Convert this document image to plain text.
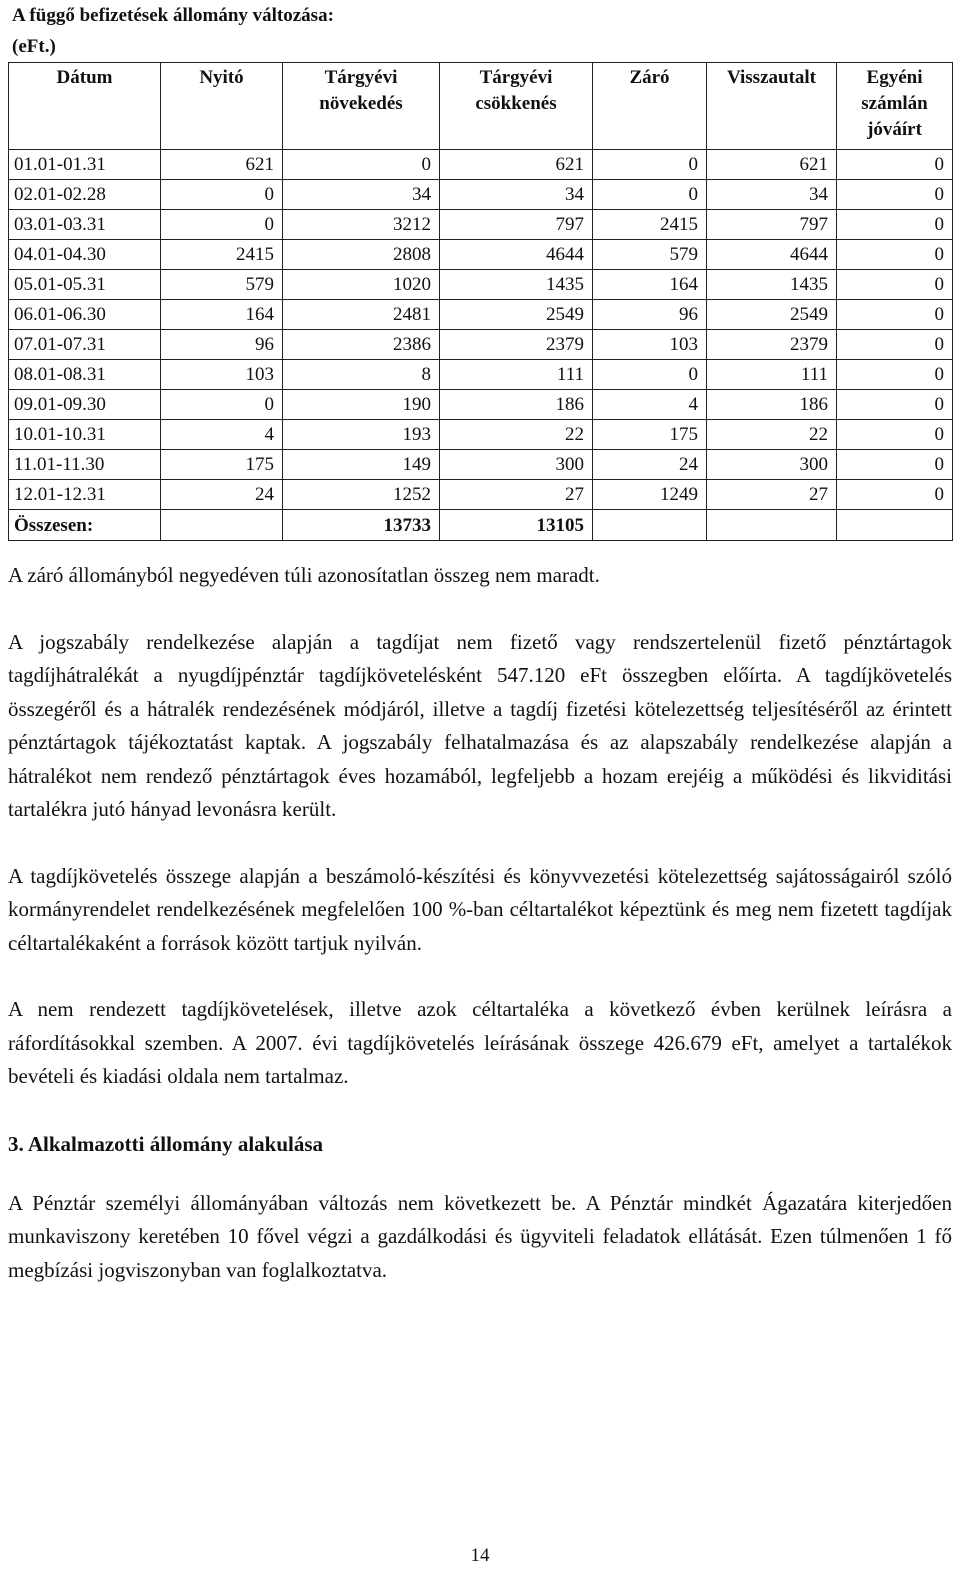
A függő befizetések állomány változása:
(eFt.)
Dátum	Nyitó	Tárgyévi növekedés	Tárgyévi csökkenés	Záró	Visszautalt	Egyéni számlán jóváírt
01.01-01.31	621	0	621	0	621	0
02.01-02.28	0	34	34	0	34	0
03.01-03.31	0	3212	797	2415	797	0
04.01-04.30	2415	2808	4644	579	4644	0
05.01-05.31	579	1020	1435	164	1435	0
06.01-06.30	164	2481	2549	96	2549	0
07.01-07.31	96	2386	2379	103	2379	0
08.01-08.31	103	8	111	0	111	0
09.01-09.30	0	190	186	4	186	0
10.01-10.31	4	193	22	175	22	0
11.01-11.30	175	149	300	24	300	0
12.01-12.31	24	1252	27	1249	27	0
Összesen:		13733	13105			

A záró állományból negyedéven túli azonosítatlan összeg nem maradt.

A jogszabály rendelkezése alapján a tagdíjat nem fizető vagy rendszertelenül fizető pénztártagok tagdíjhátralékát a nyugdíjpénztár tagdíjkövetelésként 547.120 eFt összegben előírta. A tagdíjkövetelés összegéről és a hátralék rendezésének módjáról, illetve a tagdíj fizetési kötelezettség teljesítéséről az érintett pénztártagok tájékoztatást kaptak. A jogszabály felhatalmazása és az alapszabály rendelkezése alapján a hátralékot nem rendező pénztártagok éves hozamából, legfeljebb a hozam erejéig a működési és likviditási tartalékra jutó hányad levonásra került.

A tagdíjkövetelés összege alapján a beszámoló-készítési és könyvvezetési kötelezettség sajátosságairól szóló kormányrendelet rendelkezésének megfelelően 100 %-ban céltartalékot képeztünk és meg nem fizetett tagdíjak céltartalékaként a források között tartjuk nyilván.

A nem rendezett tagdíjkövetelések, illetve azok céltartaléka a következő évben kerülnek leírásra a ráfordításokkal szemben. A 2007. évi tagdíjkövetelés leírásának összege 426.679 eFt, amelyet a tartalékok bevételi és kiadási oldala nem tartalmaz.

3. Alkalmazotti állomány alakulása

A Pénztár személyi állományában változás nem következett be. A Pénztár mindkét Ágazatára kiterjedően munkaviszony keretében 10 fővel végzi a gazdálkodási és ügyviteli feladatok ellátását. Ezen túlmenően 1 fő megbízási jogviszonyban van foglalkoztatva.

14
